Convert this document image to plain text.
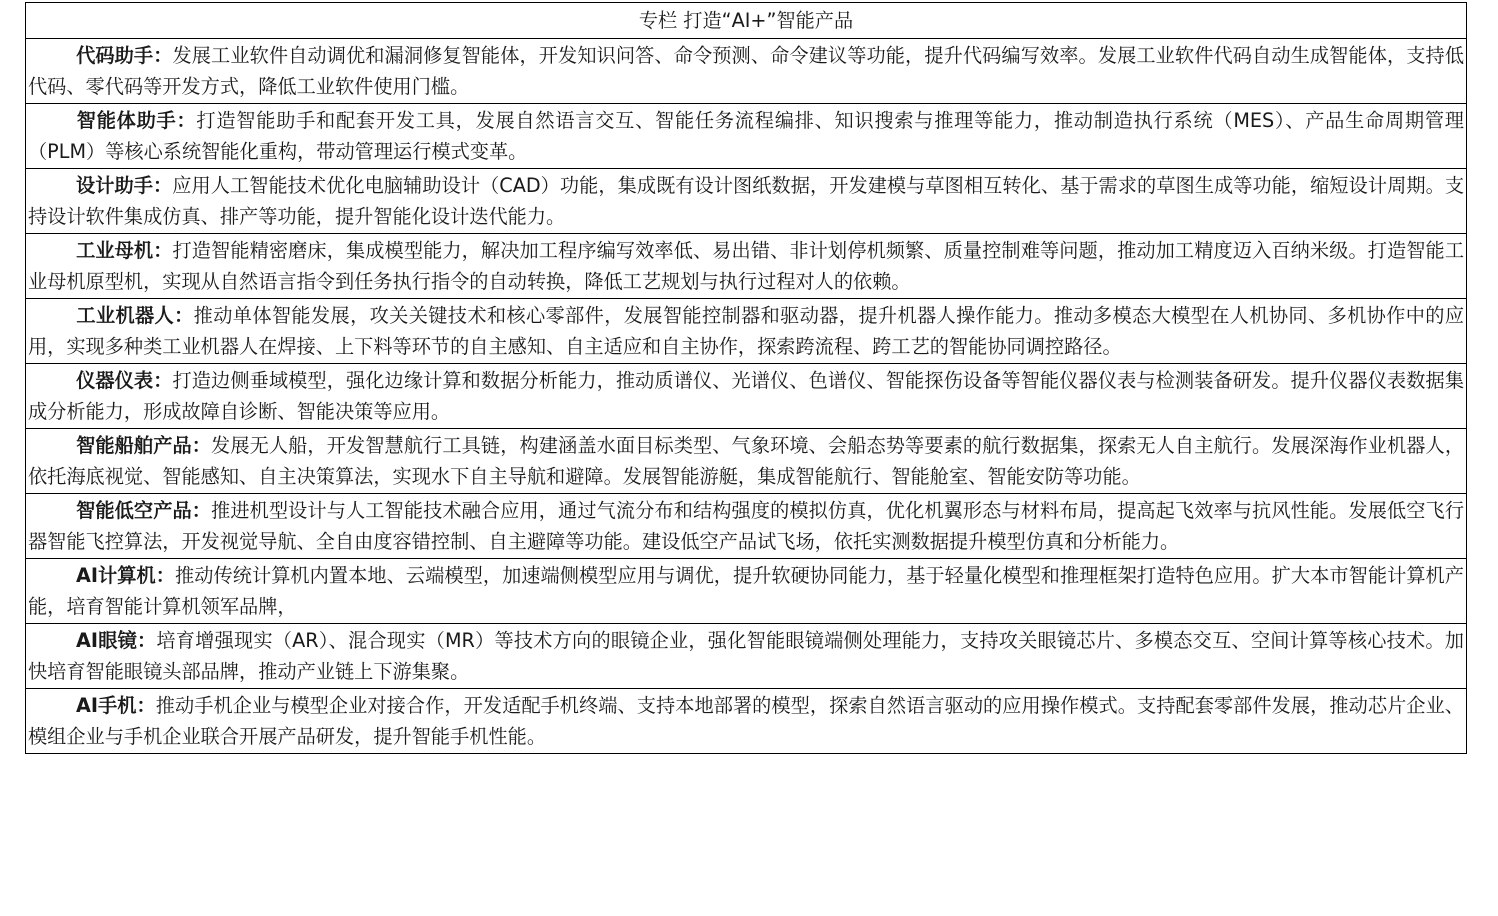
专栏 打造“AI+”智能产品
代码助手：发展工业软件自动调优和漏洞修复智能体，开发知识问答、命令预测、命令建议等功能，提升代码编写效率。发展工业软件代码自动生成智能体，支持低代码、零代码等开发方式，降低工业软件使用门槛。
智能体助手：打造智能助手和配套开发工具，发展自然语言交互、智能任务流程编排、知识搜索与推理等能力，推动制造执行系统（MES）、产品生命周期管理（PLM）等核心系统智能化重构，带动管理运行模式变革。
设计助手：应用人工智能技术优化电脑辅助设计（CAD）功能，集成既有设计图纸数据，开发建模与草图相互转化、基于需求的草图生成等功能，缩短设计周期。支持设计软件集成仿真、排产等功能，提升智能化设计迭代能力。
工业母机：打造智能精密磨床，集成模型能力，解决加工程序编写效率低、易出错、非计划停机频繁、质量控制难等问题，推动加工精度迈入百纳米级。打造智能工业母机原型机，实现从自然语言指令到任务执行指令的自动转换，降低工艺规划与执行过程对人的依赖。
工业机器人：推动单体智能发展，攻关关键技术和核心零部件，发展智能控制器和驱动器，提升机器人操作能力。推动多模态大模型在人机协同、多机协作中的应用，实现多种类工业机器人在焊接、上下料等环节的自主感知、自主适应和自主协作，探索跨流程、跨工艺的智能协同调控路径。
仪器仪表：打造边侧垂域模型，强化边缘计算和数据分析能力，推动质谱仪、光谱仪、色谱仪、智能探伤设备等智能仪器仪表与检测装备研发。提升仪器仪表数据集成分析能力，形成故障自诊断、智能决策等应用。
智能船舶产品：发展无人船，开发智慧航行工具链，构建涵盖水面目标类型、气象环境、会船态势等要素的航行数据集，探索无人自主航行。发展深海作业机器人，依托海底视觉、智能感知、自主决策算法，实现水下自主导航和避障。发展智能游艇，集成智能航行、智能舱室、智能安防等功能。
智能低空产品：推进机型设计与人工智能技术融合应用，通过气流分布和结构强度的模拟仿真，优化机翼形态与材料布局，提高起飞效率与抗风性能。发展低空飞行器智能飞控算法，开发视觉导航、全自由度容错控制、自主避障等功能。建设低空产品试飞场，依托实测数据提升模型仿真和分析能力。
AI计算机：推动传统计算机内置本地、云端模型，加速端侧模型应用与调优，提升软硬协同能力，基于轻量化模型和推理框架打造特色应用。扩大本市智能计算机产能，培育智能计算机领军品牌，
AI眼镜：培育增强现实（AR）、混合现实（MR）等技术方向的眼镜企业，强化智能眼镜端侧处理能力，支持攻关眼镜芯片、多模态交互、空间计算等核心技术。加快培育智能眼镜头部品牌，推动产业链上下游集聚。
AI手机：推动手机企业与模型企业对接合作，开发适配手机终端、支持本地部署的模型，探索自然语言驱动的应用操作模式。支持配套零部件发展，推动芯片企业、模组企业与手机企业联合开展产品研发，提升智能手机性能。
